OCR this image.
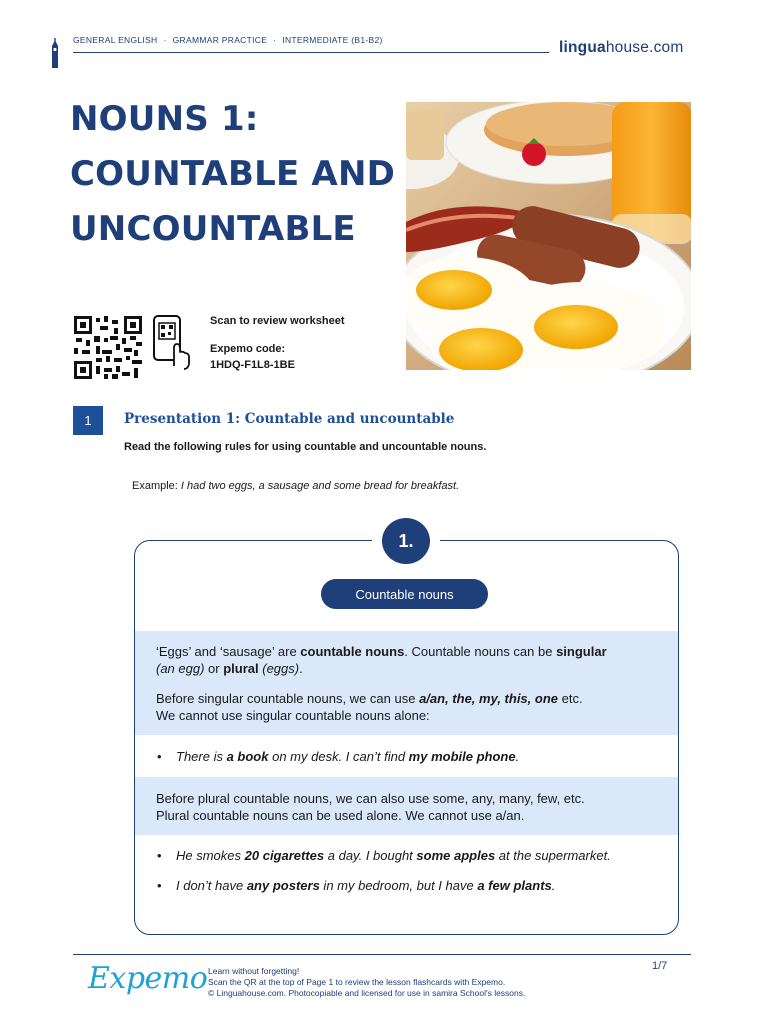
GENERAL ENGLISH · GRAMMAR PRACTICE · INTERMEDIATE (B1-B2)	linguahouse.com
NOUNS 1:
COUNTABLE AND
UNCOUNTABLE

Scan to review worksheet

Expemo code:

1HDQ-F1L8-1BE

1	Presentation 1: Countable and uncountable
Read the following rules for using countable and uncountable nouns.
Example: I had two eggs, a sausage and some bread for breakfast.
1.
Countable nouns
‘Eggs’ and ‘sausage’ are countable nouns. Countable nouns can be singular
(an egg) or plural (eggs).
Before singular countable nouns, we can use a/an, the, my, this, one etc.
We cannot use singular countable nouns alone:
• There is a book on my desk. I can’t find my mobile phone.
Before plural countable nouns, we can also use some, any, many, few, etc.
Plural countable nouns can be used alone. We cannot use a/an.
• He smokes 20 cigarettes a day. I bought some apples at the supermarket.
• I don’t have any posters in my bedroom, but I have a few plants.
Expemo Learn without forgetting!
Scan the QR at the top of Page 1 to review the lesson flashcards with Expemo.
© Linguahouse.com. Photocopiable and licensed for use in samira School's lessons.
1/7
